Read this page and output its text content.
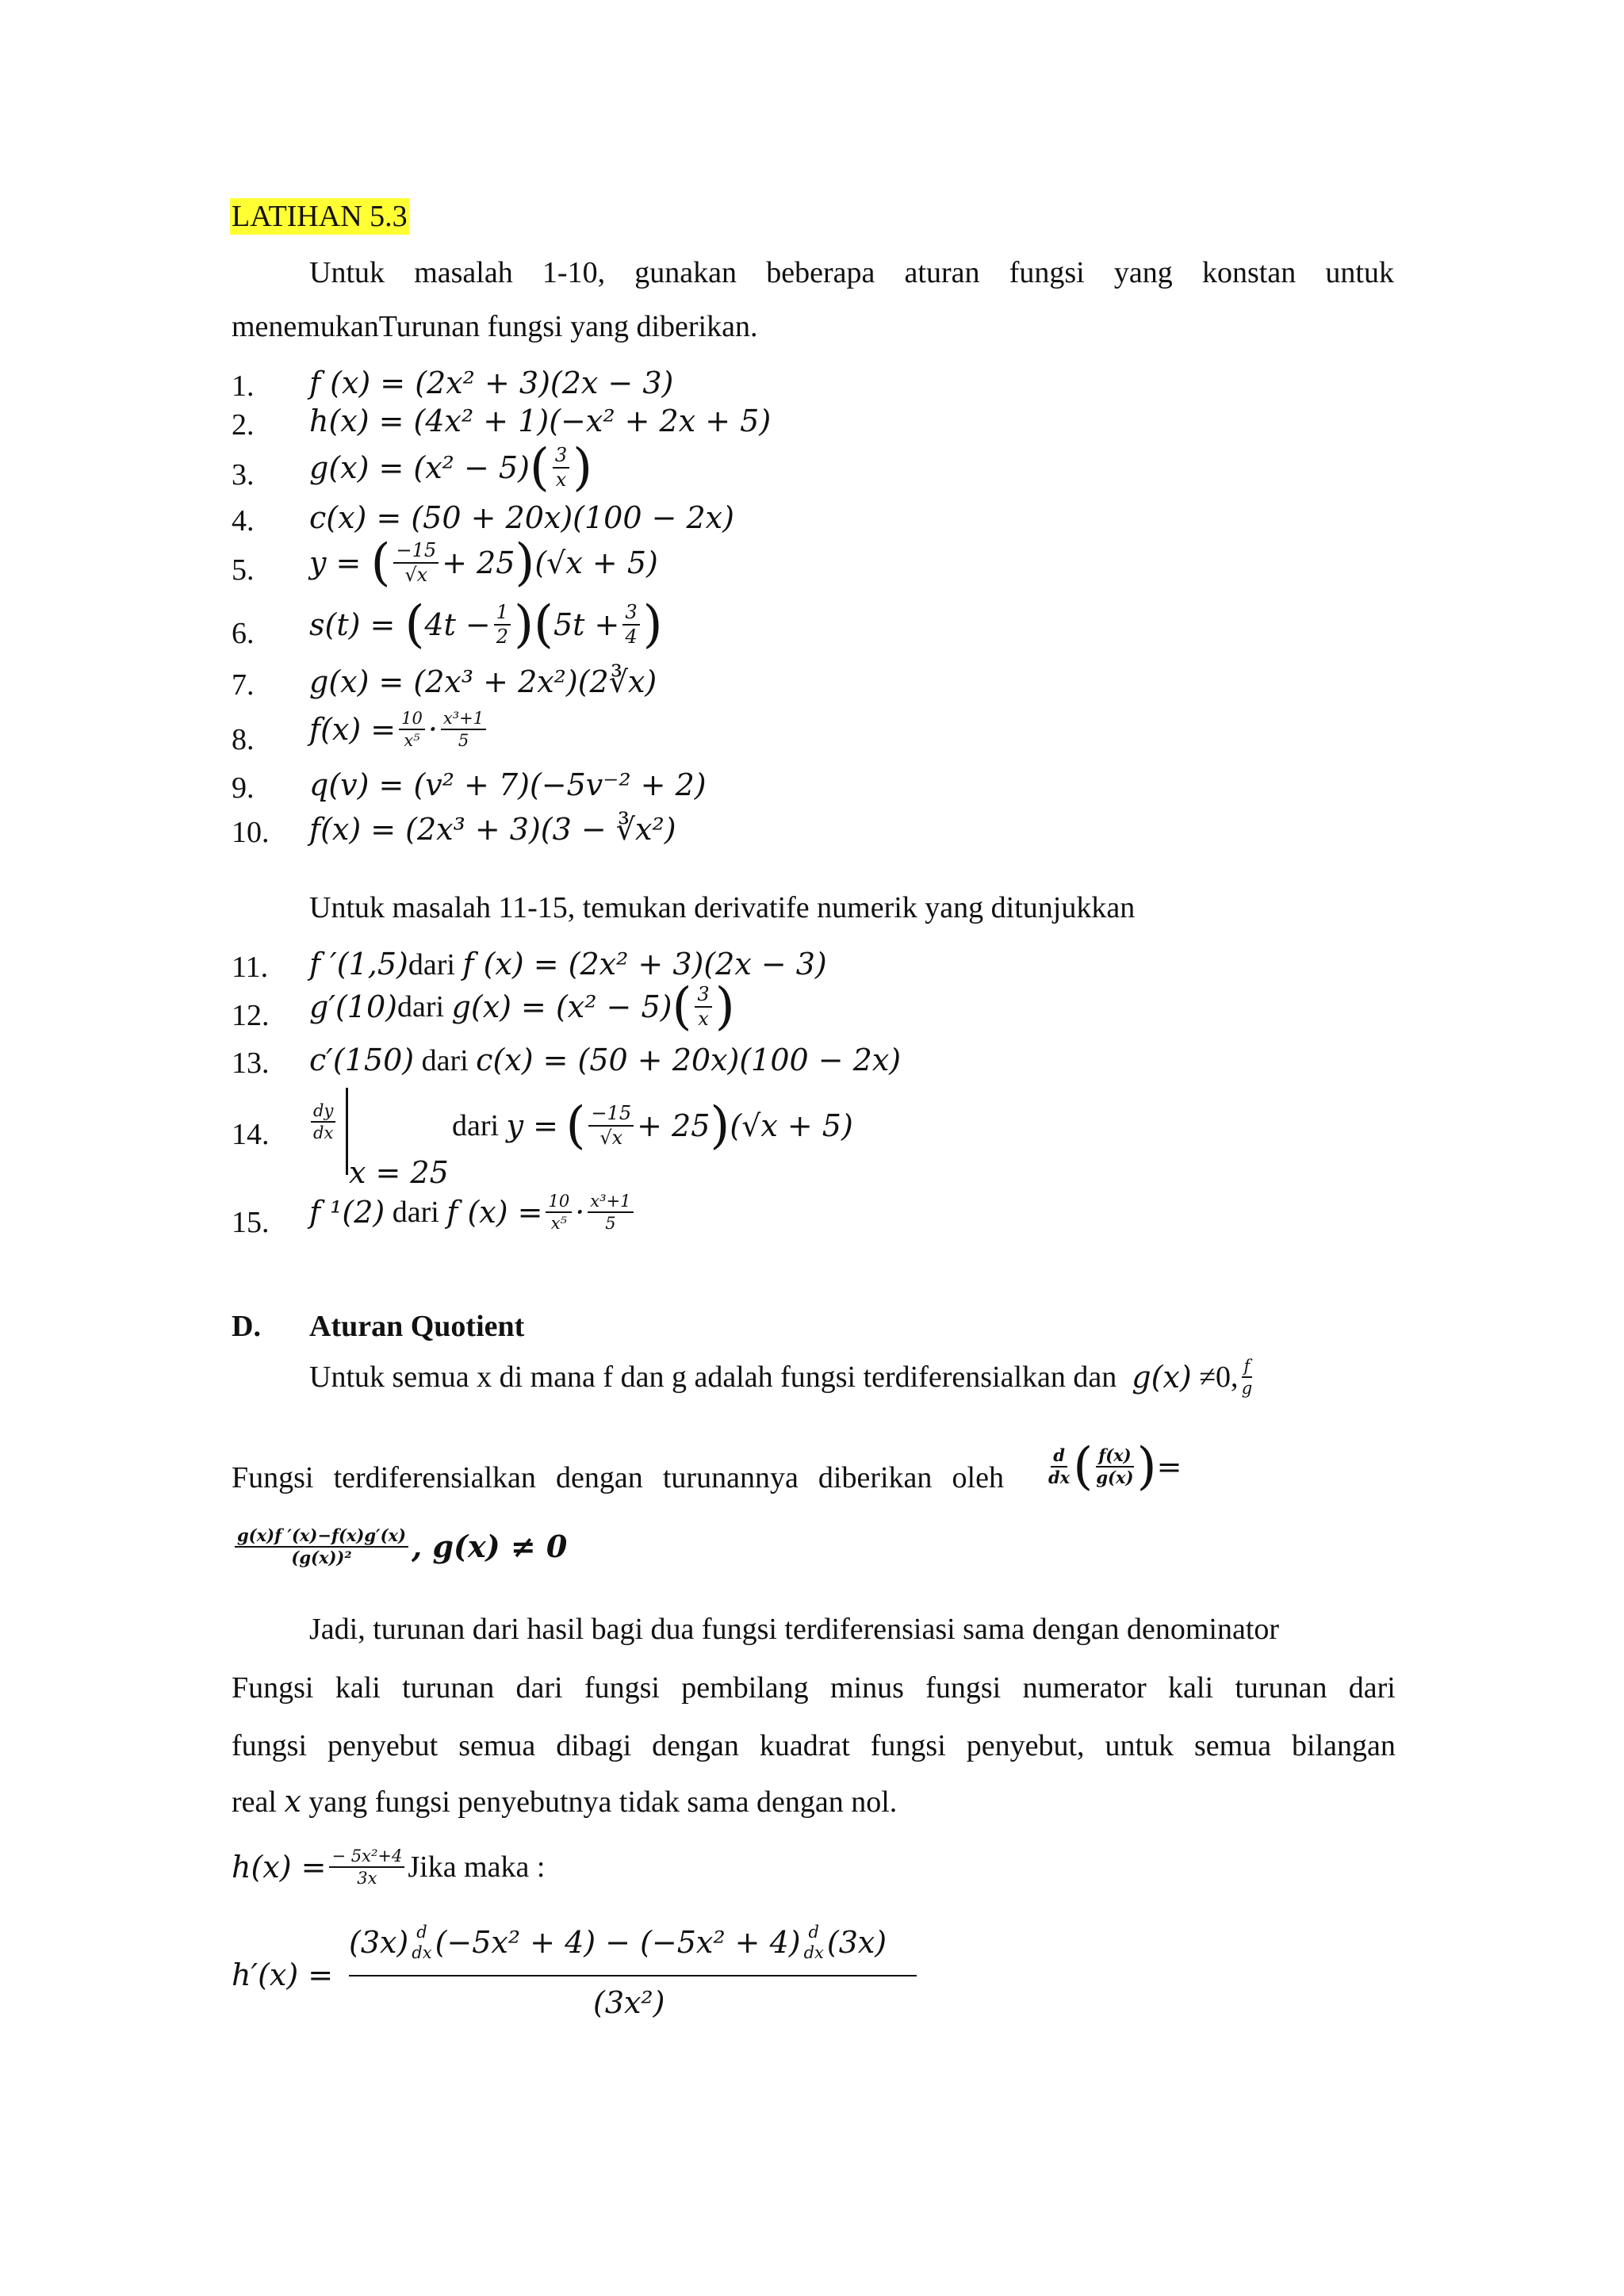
LATIHAN 5.3
Untuk masalah 1-10, gunakan beberapa aturan fungsi yang konstan untuk
menemukanTurunan fungsi yang diberikan.
1. f (x) = (2x² + 3)(2x − 3)
2. h(x) = (4x² + 1)(−x² + 2x + 5)
3. g(x) = (x² − 5) ( $\frac{3}{x}$ )
4. c(x) = (50 + 20x)(100 − 2x)
5. y =
( $\frac{-15}{√x} + 25$ ) (√x + 5)
6. s(t) =
( $4t - \frac{1}{2}$ ) ( $5t + \frac{3}{4}$ )
7. g(x) = (2x³ + 2x²)(2∛x)
8. $f(x) = \frac{10}{\text{x⁵}} \cdot \frac{\text{x³+1}}{5}$
9. q(v) = (v² + 7)(−5v⁻² + 2)
10. f(x) = (2x³ + 3)(3 − ∛x²)
Untuk masalah 11-15, temukan derivatife numerik yang ditunjukkan
11. f ′(1,5)dari f (x) = (2x² + 3)(2x − 3)
12. g′(10) dari
g(x) = (x² − 5) ( $\frac{3}{x}$ )
13. c′(150) dari c(x) = (50 + 20x)(100 − 2x)
14.	$\frac{dy}{dx}$
x = 25
dari
y =
( $\frac{-15}{√x} + 25$ ) (√x + 5)
15. f ¹(2)
dari
f $(x) = \frac{10}{\text{x⁵}} \cdot \frac{\text{x³+1}}{5}$
D. Aturan Quotient
Untuk semua x di mana f dan g adalah fungsi terdiferensialkan dan
g(x)
≠0, $\frac{f}{g}$
Fungsi terdiferensialkan dengan turunannya diberikan oleh	$\frac{d}{dx}$ ( $\frac{f(x)}{g(x)}$ ) =
$\frac{g(x)f '(x)-f(x)g'(x)}{\text{(g(x))²}}$ , g(x) ≠ 0
Jadi, turunan dari hasil bagi dua fungsi terdiferensiasi sama dengan denominator
Fungsi kali turunan dari fungsi pembilang minus fungsi numerator kali turunan dari
fungsi penyebut semua dibagi dengan kuadrat fungsi penyebut, untuk semua bilangan
real x yang fungsi penyebutnya tidak sama dengan nol.
$h(x) = \frac{\text{− 5x²+4}}{3x}$ Jika maka :
h′(x) =
(3x) d
dx (−5x² + 4) − (−5x² + 4) d
dx (3x)
(3x²)
